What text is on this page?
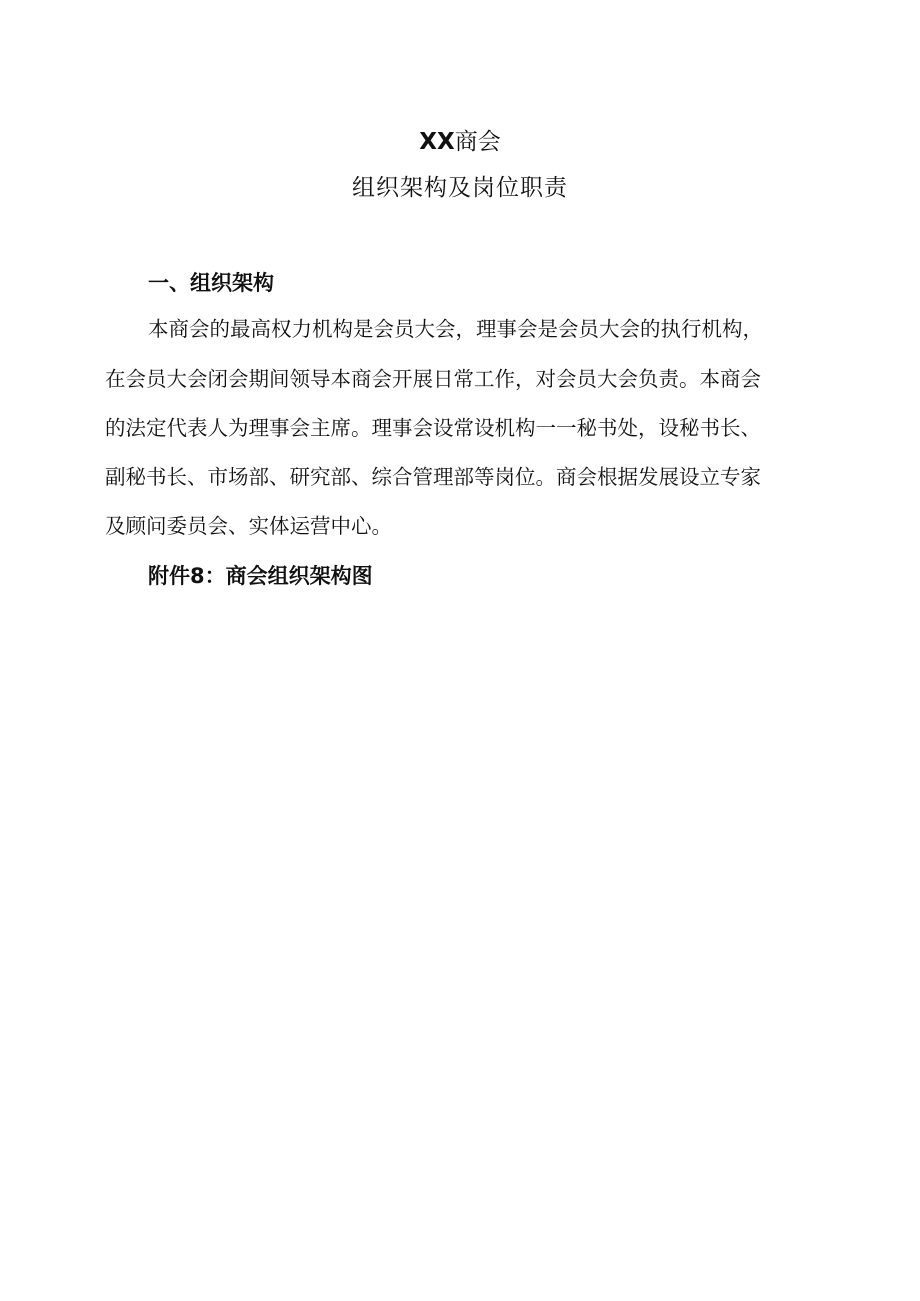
XX商会
组织架构及岗位职责
一、组织架构
本商会的最高权力机构是会员大会，理事会是会员大会的执行机构，
在会员大会闭会期间领导本商会开展日常工作，对会员大会负责。本商会
的法定代表人为理事会主席。理事会设常设机构一一秘书处，设秘书长、
副秘书长、市场部、研究部、综合管理部等岗位。商会根据发展设立专家
及顾问委员会、实体运营中心。
附件8：商会组织架构图
